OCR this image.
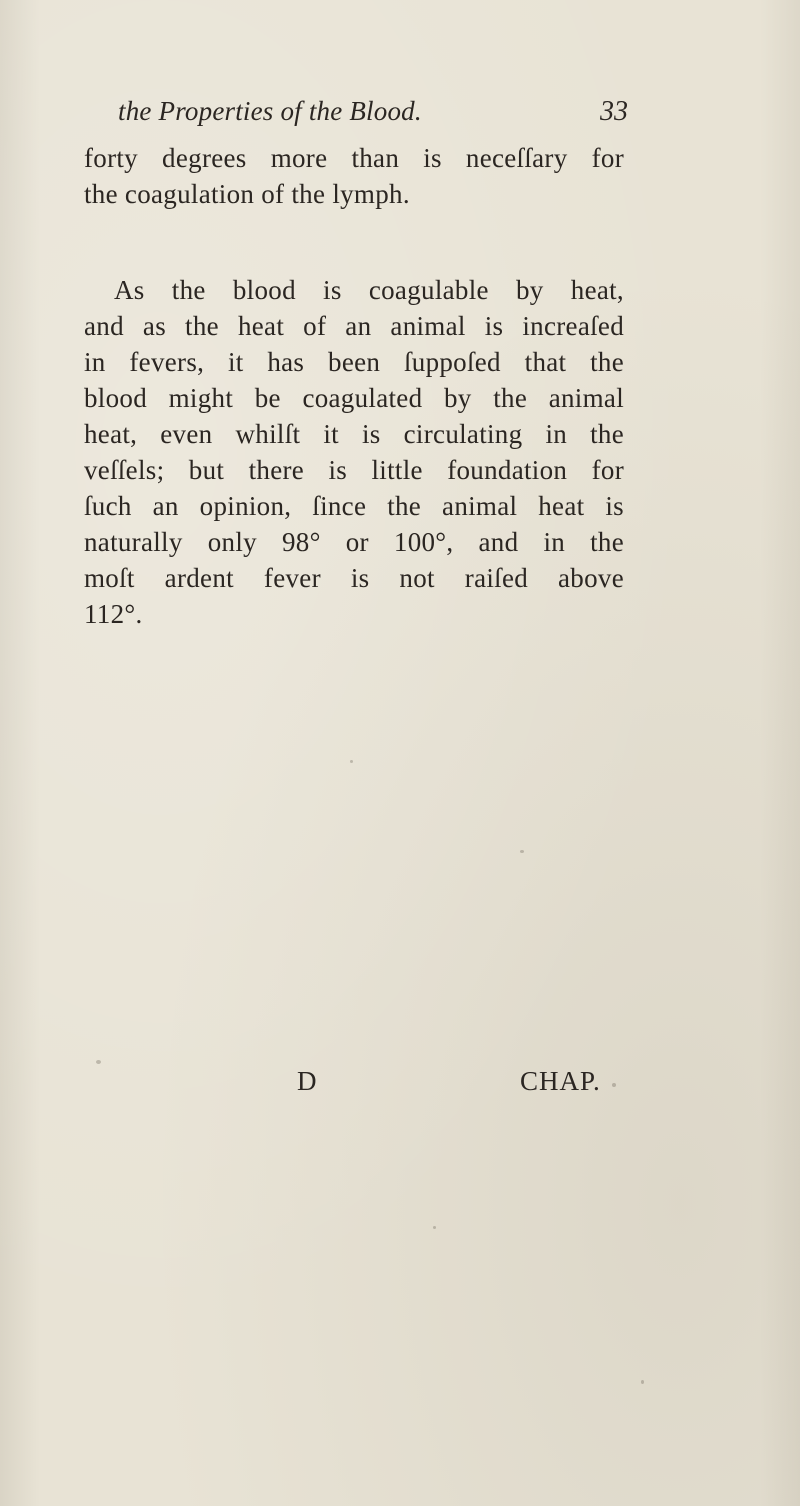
the Properties of the Blood.	33
forty degrees more than is neceſſary for
the coagulation of the lymph.
As the blood is coagulable by heat,
and as the heat of an animal is increaſed
in fevers, it has been ſuppoſed that the
blood might be coagulated by the animal
heat, even whilſt it is circulating in the
veſſels; but there is little foundation for
ſuch an opinion, ſince the animal heat is
naturally only 98° or 100°, and in the
moſt ardent fever is not raiſed above
112°.
D	CHAP.
